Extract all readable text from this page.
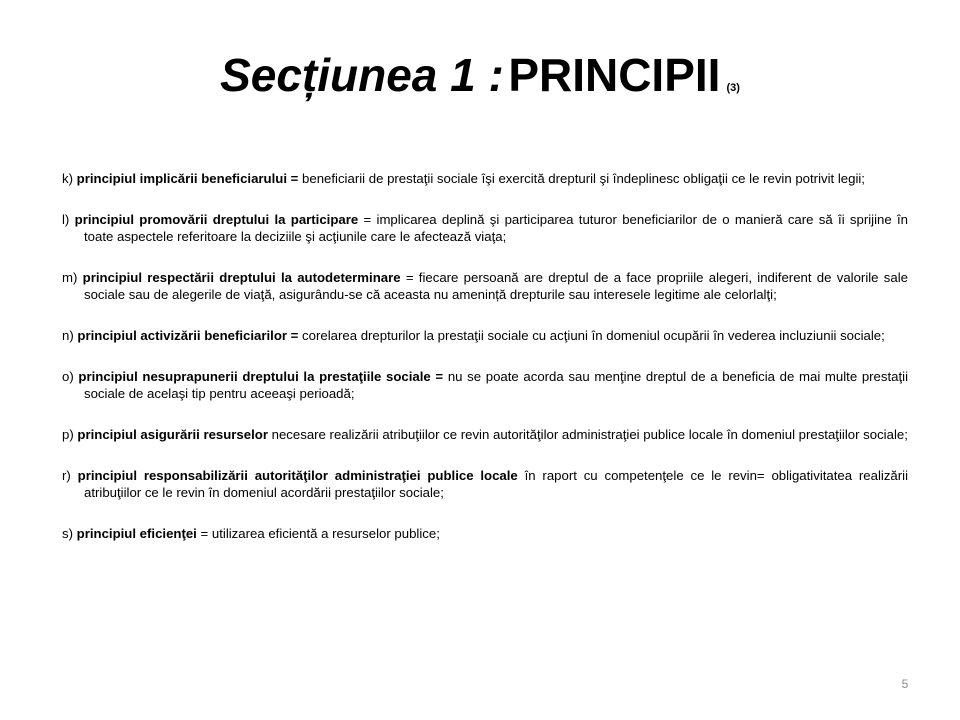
Secțiunea 1 : PRINCIPII (3)

k) principiul implicării beneficiarului = beneficiarii de prestaţii sociale îşi exercită drepturil şi îndeplinesc obligaţii ce le revin potrivit legii;

l) principiul promovării dreptului la participare = implicarea deplină şi participarea tuturor beneficiarilor de o manieră care să îi sprijine în toate aspectele referitoare la deciziile şi acţiunile care le afectează viaţa;

m) principiul respectării dreptului la autodeterminare = fiecare persoană are dreptul de a face propriile alegeri, indiferent de valorile sale sociale sau de alegerile de viaţă, asigurându-se că aceasta nu amenință drepturile sau interesele legitime ale celorlalţi;

n) principiul activizării beneficiarilor = corelarea drepturilor la prestaţii sociale cu acţiuni în domeniul ocupării în vederea incluziunii sociale;

o) principiul nesuprapunerii dreptului la prestaţiile sociale = nu se poate acorda sau menţine dreptul de a beneficia de mai multe prestaţii sociale de acelaşi tip pentru aceeaşi perioadă;

p) principiul asigurării resurselor necesare realizării atribuţiilor ce revin autorităţilor administraţiei publice locale în domeniul prestaţiilor sociale;

r) principiul responsabilizării autorităţilor administraţiei publice locale în raport cu competenţele ce le revin= obligativitatea realizării atribuţiilor ce le revin în domeniul acordării prestaţiilor sociale;

s) principiul eficienţei = utilizarea eficientă a resurselor publice;

5
